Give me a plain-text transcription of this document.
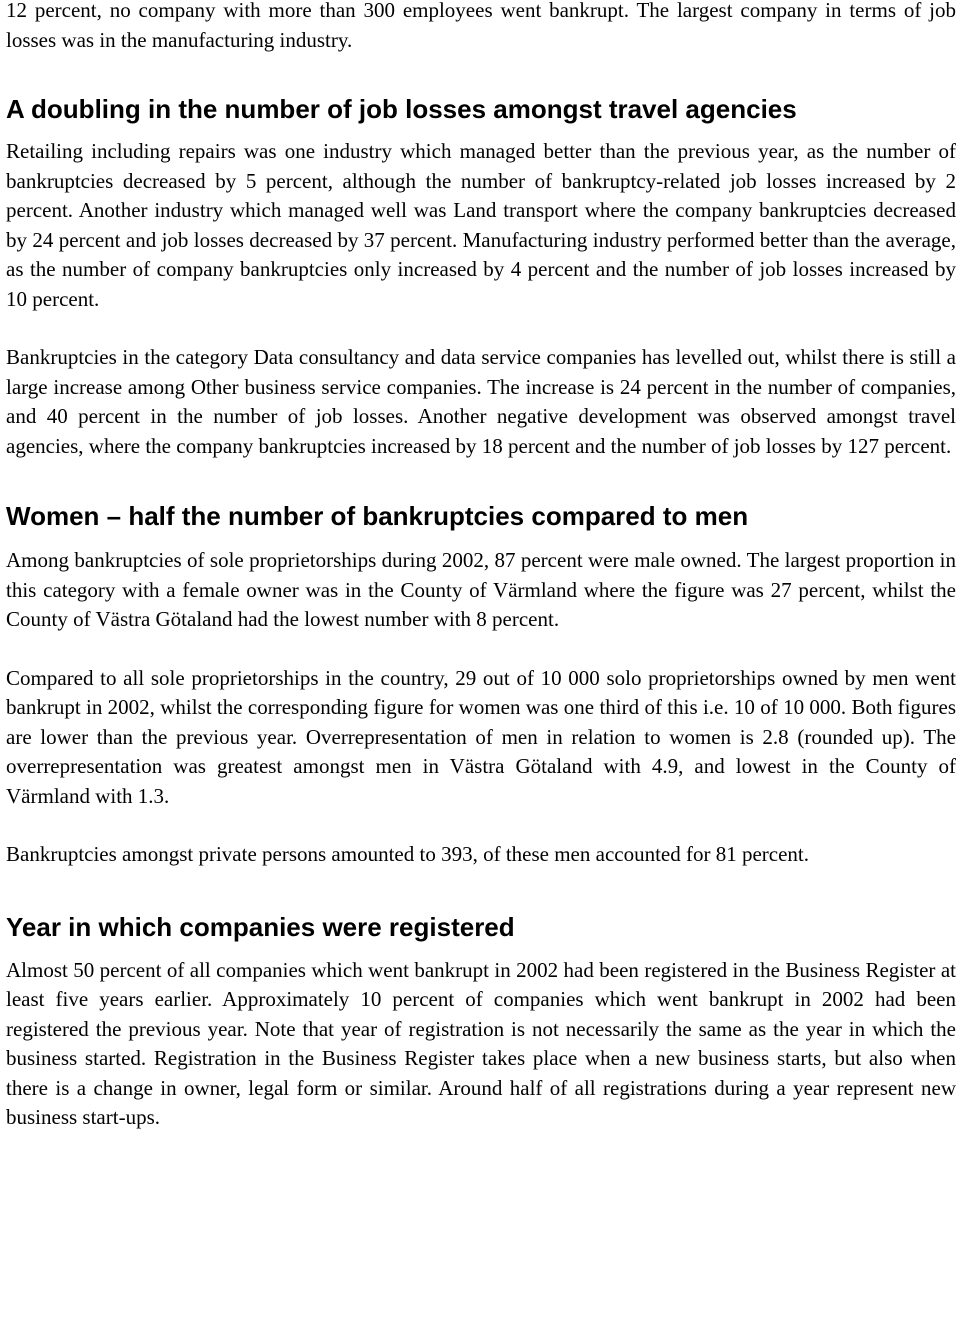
12 percent, no company with more than 300 employees went bankrupt. The largest company in terms of job losses was in the manufacturing industry.

A doubling in the number of job losses amongst travel agencies

Retailing including repairs was one industry which managed better than the previous year, as the number of bankruptcies decreased by 5 percent, although the number of bankruptcy-related job losses increased by 2 percent. Another industry which managed well was Land transport where the company bankruptcies decreased by 24 percent and job losses decreased by 37 percent. Manufacturing industry performed better than the average, as the number of company bankruptcies only increased by 4 percent and the number of job losses increased by 10 percent.

Bankruptcies in the category Data consultancy and data service companies has levelled out, whilst there is still a large increase among Other business service companies. The increase is 24 percent in the number of companies, and 40 percent in the number of job losses. Another negative development was observed amongst travel agencies, where the company bankruptcies increased by 18 percent and the number of job losses by 127 percent.

Women – half the number of bankruptcies compared to men

Among bankruptcies of sole proprietorships during 2002, 87 percent were male owned. The largest proportion in this category with a female owner was in the County of Värmland where the figure was 27 percent, whilst the County of Västra Götaland had the lowest number with 8 percent.

Compared to all sole proprietorships in the country, 29 out of 10 000 solo proprietorships owned by men went bankrupt in 2002, whilst the corresponding figure for women was one third of this i.e. 10 of 10 000. Both figures are lower than the previous year. Overrepresentation of men in relation to women is 2.8 (rounded up). The overrepresentation was greatest amongst men in Västra Götaland with 4.9, and lowest in the County of Värmland with 1.3.

Bankruptcies amongst private persons amounted to 393, of these men accounted for 81 percent.

Year in which companies were registered

Almost 50 percent of all companies which went bankrupt in 2002 had been registered in the Business Register at least five years earlier. Approximately 10 percent of companies which went bankrupt in 2002 had been registered the previous year. Note that year of registration is not necessarily the same as the year in which the business started. Registration in the Business Register takes place when a new business starts, but also when there is a change in owner, legal form or similar. Around half of all registrations during a year represent new business start-ups.
